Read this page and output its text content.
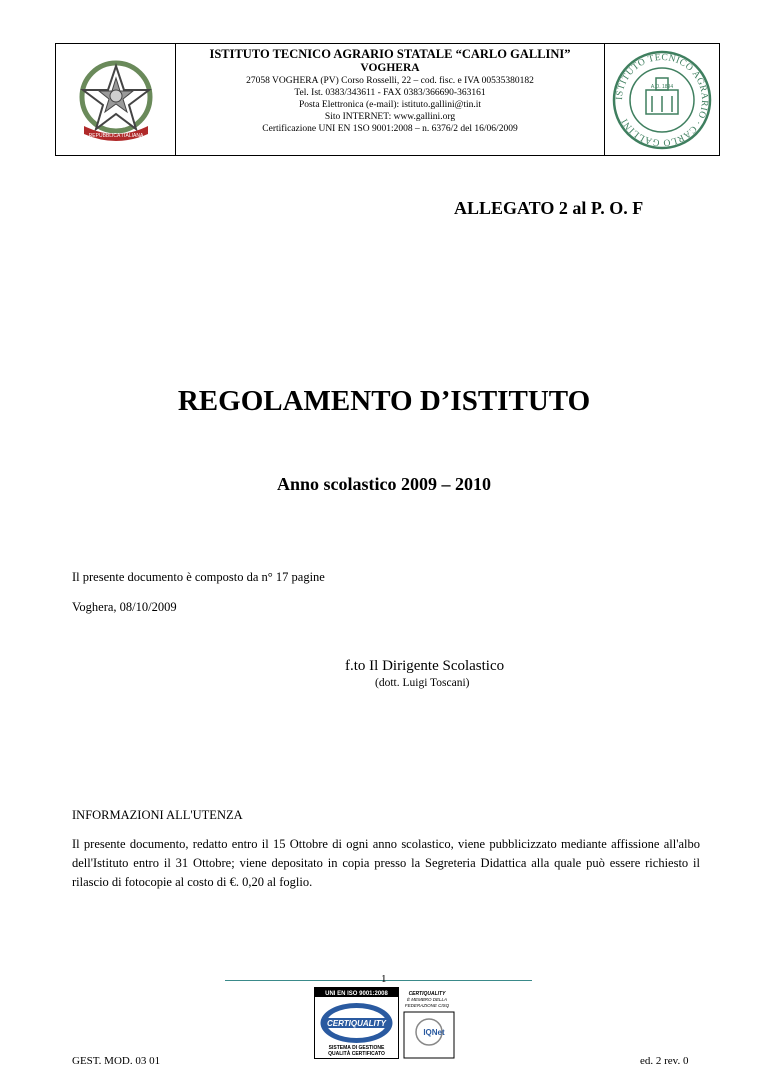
REPUBBLICA ITALIANA
ISTITUTO TECNICO AGRARIO STATALE “CARLO GALLINI”
VOGHERA
27058 VOGHERA (PV) Corso Rosselli, 22 – cod. fisc. e IVA 00535380182
Tel. Ist. 0383/343611 - FAX 0383/366690-363161
Posta Elettronica (e-mail): istituto.gallini@tin.it
Sito INTERNET: www.gallini.org
Certificazione UNI EN 1SO 9001:2008 – n. 6376/2 del 16/06/2009
ISTITUTO TECNICO AGRARIO · CARLO GALLINI
A.D. 1894
ALLEGATO 2 al P. O. F
REGOLAMENTO D’ISTITUTO
Anno scolastico 2009 – 2010
Il presente documento è composto da n° 17 pagine
Voghera, 08/10/2009
f.to Il Dirigente Scolastico
(dott. Luigi Toscani)
INFORMAZIONI ALL'UTENZA
Il presente documento, redatto entro il 15 Ottobre di ogni anno scolastico, viene pubblicizzato mediante affissione all'albo dell'Istituto entro il 31 Ottobre; viene depositato in copia presso la Segreteria Didattica alla quale può essere richiesto il rilascio di fotocopie al costo di €. 0,20 al foglio.
1
UNI EN ISO 9001:2008
CERTIQUALITY
SISTEMA DI GESTIONE
QUALITÀ CERTIFICATO
CERTIQUALITY
È MEMBRO DELLA
FEDERAZIONE CISQ
IQNet
GEST. MOD. 03 01	ed. 2 rev. 0
